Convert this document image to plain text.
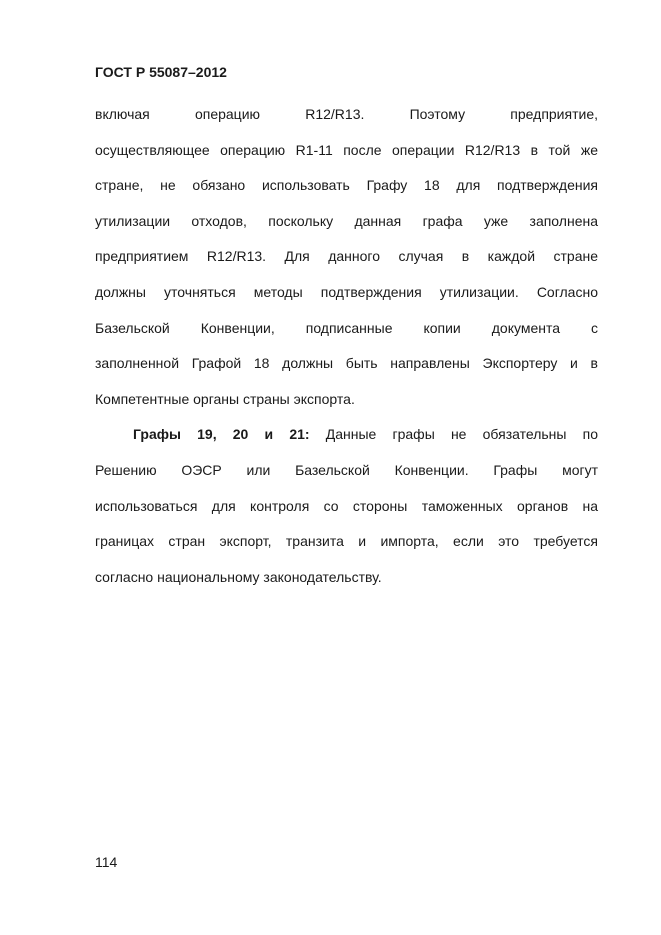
ГОСТ Р 55087–2012
включая операцию R12/R13. Поэтому предприятие,
осуществляющее операцию R1-11 после операции R12/R13 в той же
стране, не обязано использовать Графу 18 для подтверждения
утилизации отходов, поскольку данная графа уже заполнена
предприятием R12/R13. Для данного случая в каждой стране
должны уточняться методы подтверждения утилизации. Согласно
Базельской Конвенции, подписанные копии документа с
заполненной Графой 18 должны быть направлены Экспортеру и в
Компетентные органы страны экспорта.
Графы 19, 20 и 21: Данные графы не обязательны по
Решению ОЭСР или Базельской Конвенции. Графы могут
использоваться для контроля со стороны таможенных органов на
границах стран экспорт, транзита и импорта, если это требуется
согласно национальному законодательству.
114
